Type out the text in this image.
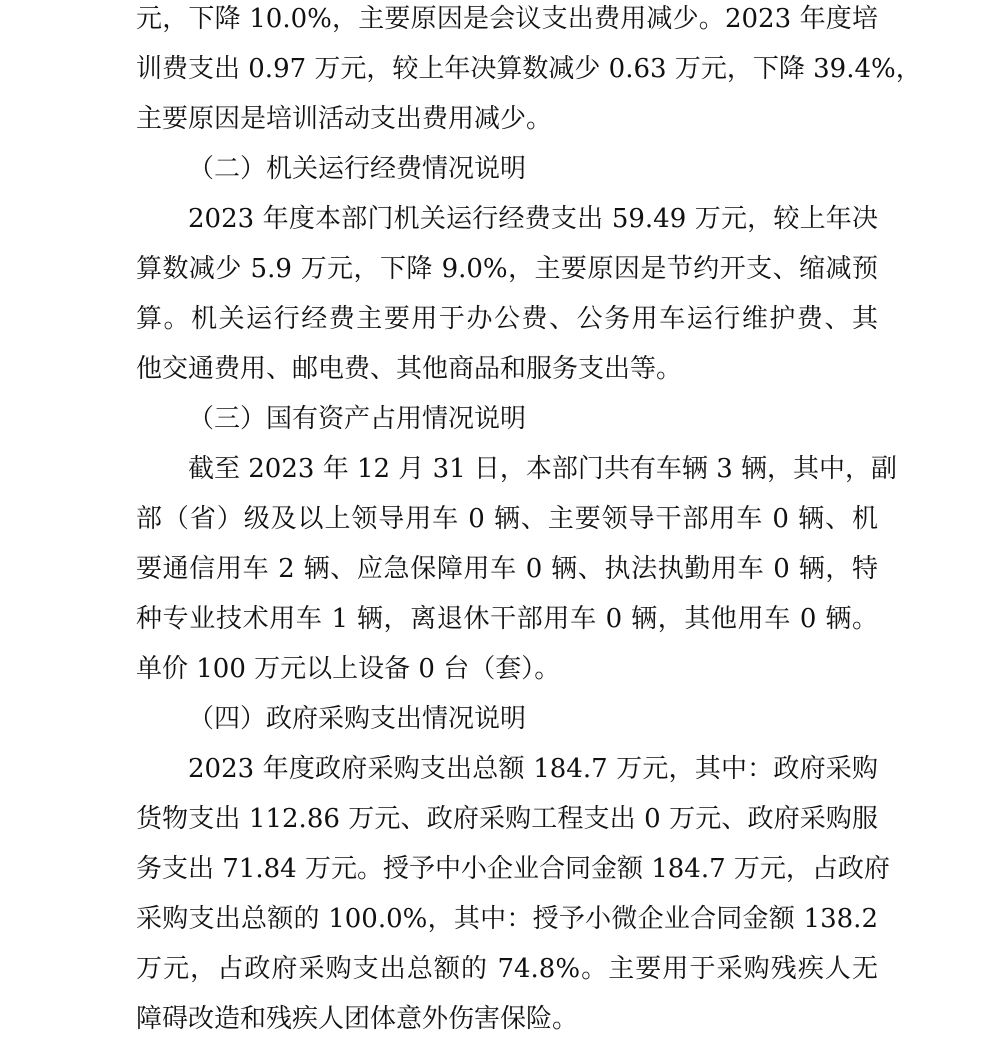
元，下降 10.0%，主要原因是会议支出费用减少。2023 年度培
训费支出 0.97 万元，较上年决算数减少 0.63 万元，下降 39.4%，
主要原因是培训活动支出费用减少。
（二）机关运行经费情况说明
2023 年度本部门机关运行经费支出 59.49 万元，较上年决
算数减少 5.9 万元，下降 9.0%，主要原因是节约开支、缩减预
算。机关运行经费主要用于办公费、公务用车运行维护费、其
他交通费用、邮电费、其他商品和服务支出等。
（三）国有资产占用情况说明
截至 2023 年 12 月 31 日，本部门共有车辆 3 辆，其中，副
部（省）级及以上领导用车 0 辆、主要领导干部用车 0 辆、机
要通信用车 2 辆、应急保障用车 0 辆、执法执勤用车 0 辆，特
种专业技术用车 1 辆，离退休干部用车 0 辆，其他用车 0 辆。
单价 100 万元以上设备 0 台（套）。
（四）政府采购支出情况说明
2023 年度政府采购支出总额 184.7 万元，其中：政府采购
货物支出 112.86 万元、政府采购工程支出 0 万元、政府采购服
务支出 71.84 万元。授予中小企业合同金额 184.7 万元，占政府
采购支出总额的 100.0%，其中：授予小微企业合同金额 138.2
万元，占政府采购支出总额的 74.8%。主要用于采购残疾人无
障碍改造和残疾人团体意外伤害保险。
